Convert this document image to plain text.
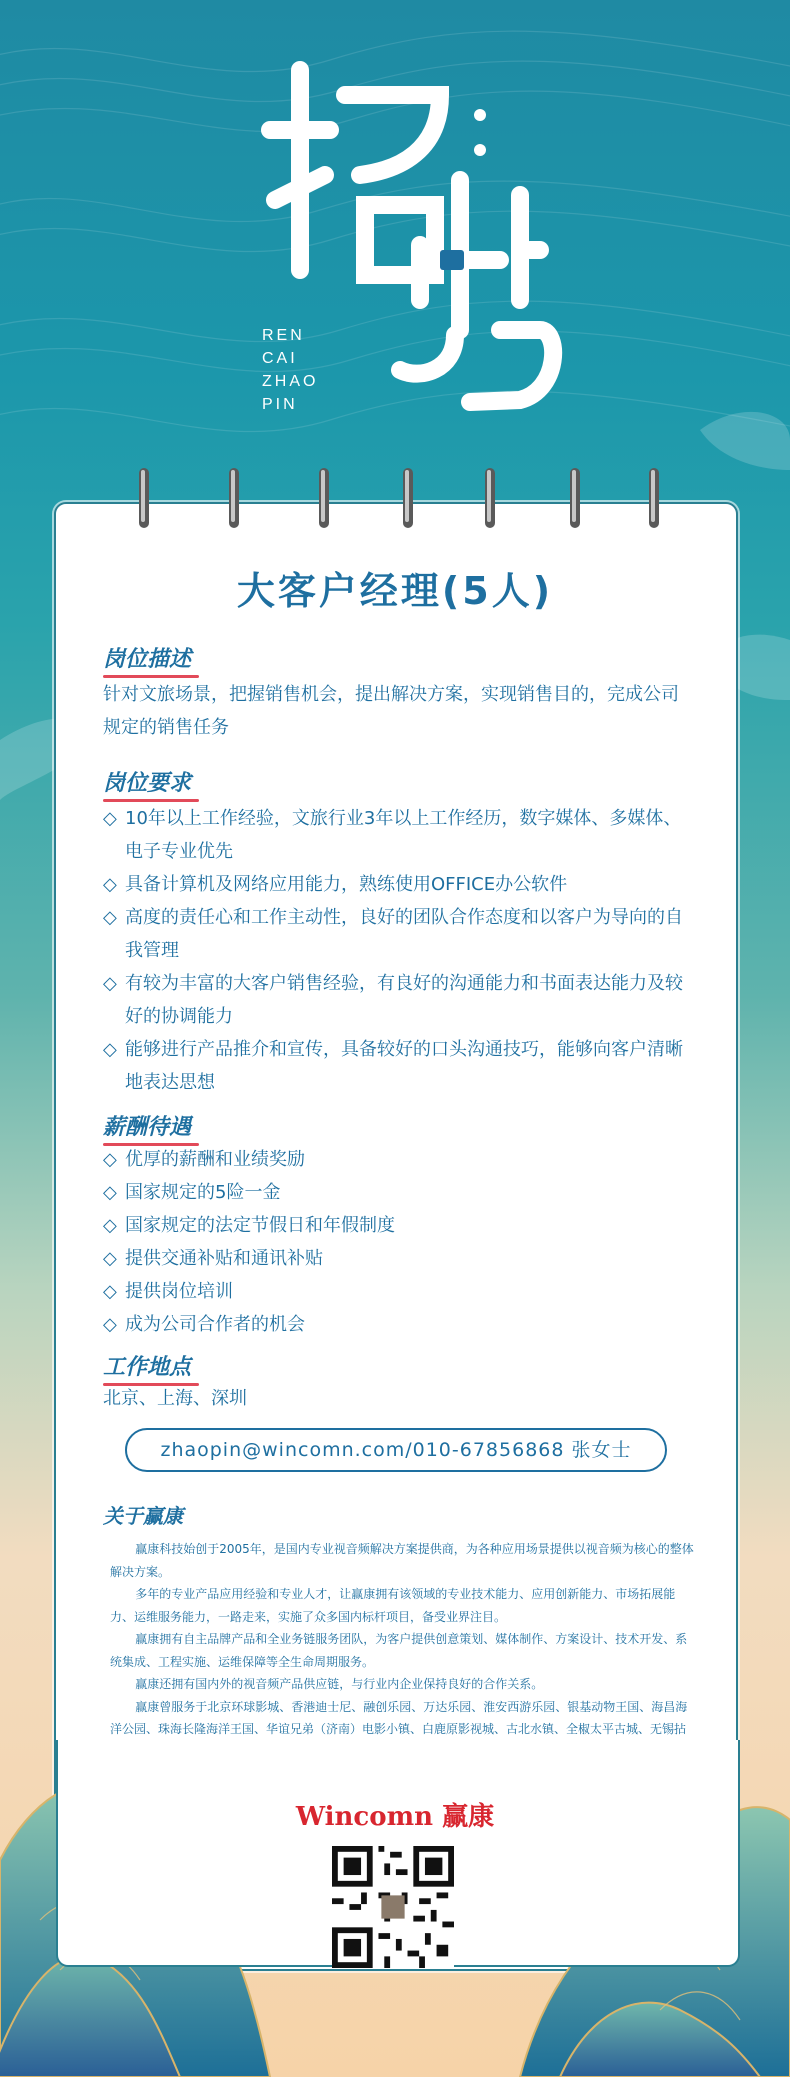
REN
CAI
ZHAO
PIN
大客户经理(5人)
岗位描述
针对文旅场景，把握销售机会，提出解决方案，实现销售目的，完成公司
规定的销售任务
岗位要求
◇ 10年以上工作经验，文旅行业3年以上工作经历，数字媒体、多媒体、
电子专业优先
◇ 具备计算机及网络应用能力，熟练使用OFFICE办公软件
◇ 高度的责任心和工作主动性，良好的团队合作态度和以客户为导向的自
我管理
◇ 有较为丰富的大客户销售经验，有良好的沟通能力和书面表达能力及较
好的协调能力
◇ 能够进行产品推介和宣传，具备较好的口头沟通技巧，能够向客户清晰
地表达思想
薪酬待遇
◇ 优厚的薪酬和业绩奖励
◇ 国家规定的5险一金
◇ 国家规定的法定节假日和年假制度
◇ 提供交通补贴和通讯补贴
◇ 提供岗位培训
◇ 成为公司合作者的机会
工作地点
北京、上海、深圳
zhaopin@wincomn.com/010-67856868 张女士
关于赢康

赢康科技始创于2005年，是国内专业视音频解决方案提供商，为各种应用场景提供以视音频为核心的整体解决方案。

多年的专业产品应用经验和专业人才，让赢康拥有该领域的专业技术能力、应用创新能力、市场拓展能力、运维服务能力，一路走来，实施了众多国内标杆项目，备受业界注目。

赢康拥有自主品牌产品和全业务链服务团队，为客户提供创意策划、媒体制作、方案设计、技术开发、系统集成、工程实施、运维保障等全生命周期服务。

赢康还拥有国内外的视音频产品供应链，与行业内企业保持良好的合作关系。

赢康曾服务于北京环球影城、香港迪士尼、融创乐园、万达乐园、淮安西游乐园、银基动物王国、海昌海洋公园、珠海长隆海洋王国、华谊兄弟（济南）电影小镇、白鹿原影视城、古北水镇、全椒太平古城、无锡拈

Wincomn 赢康
